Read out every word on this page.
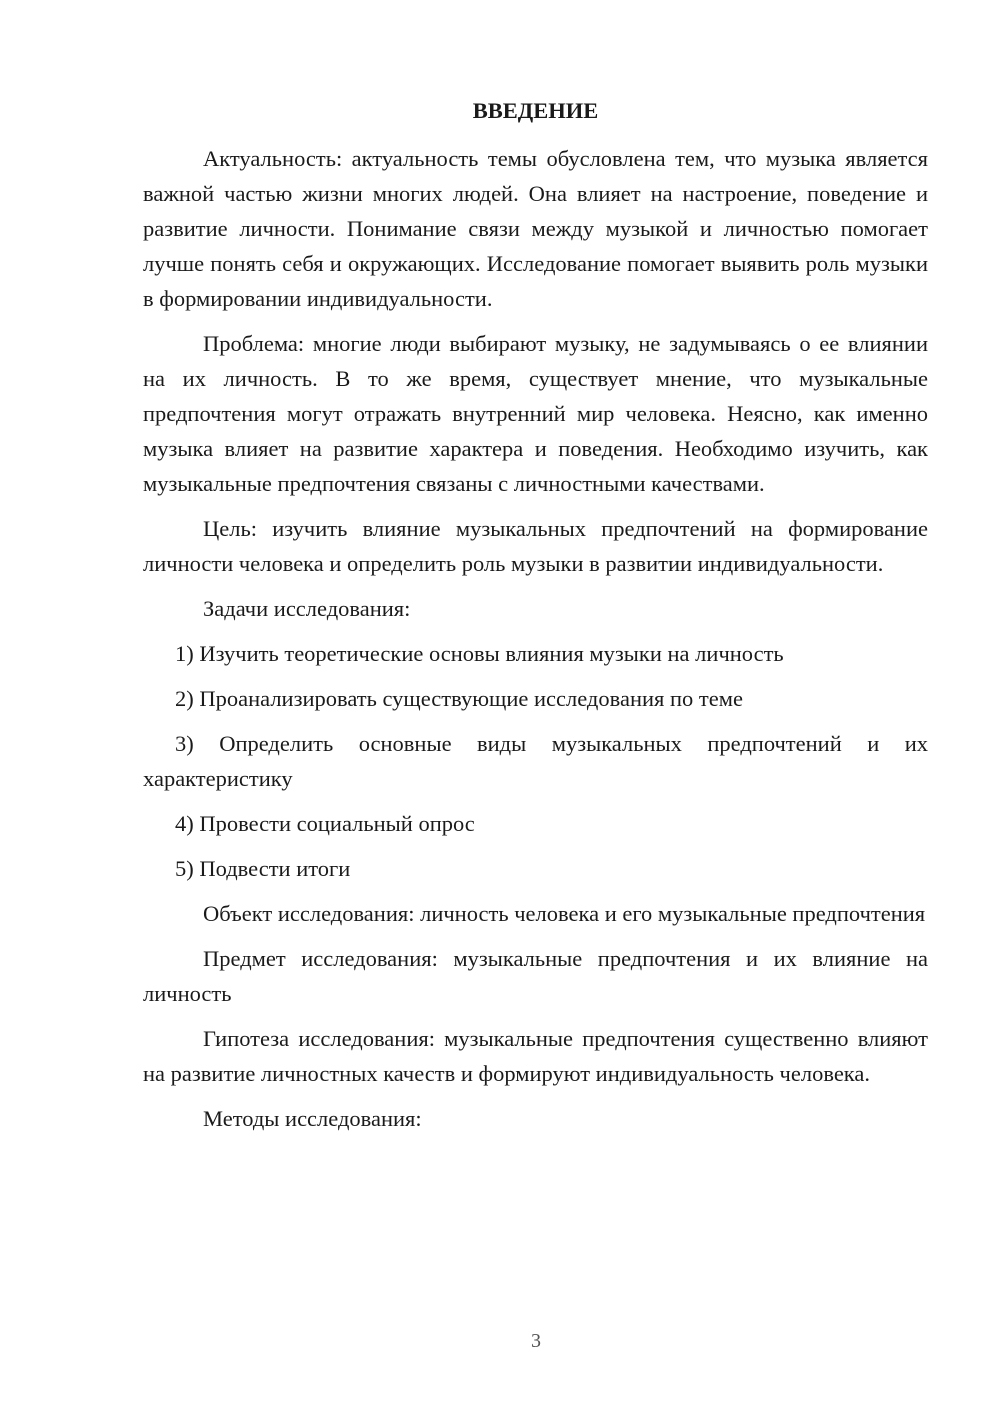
ВВЕДЕНИЕ

Актуальность: актуальность темы обусловлена тем, что музыка является важной частью жизни многих людей. Она влияет на настроение, поведение и развитие личности. Понимание связи между музыкой и личностью помогает лучше понять себя и окружающих. Исследование помогает выявить роль музыки в формировании индивидуальности.

Проблема: многие люди выбирают музыку, не задумываясь о ее влиянии на их личность. В то же время, существует мнение, что музыкальные предпочтения могут отражать внутренний мир человека. Неясно, как именно музыка влияет на развитие характера и поведения. Необходимо изучить, как музыкальные предпочтения связаны с личностными качествами.

Цель: изучить влияние музыкальных предпочтений на формирование личности человека и определить роль музыки в развитии индивидуальности.

Задачи исследования:

1) Изучить теоретические основы влияния музыки на личность

2) Проанализировать существующие исследования по теме

3) Определить основные виды музыкальных предпочтений и их характеристику

4) Провести социальный опрос

5) Подвести итоги

Объект исследования: личность человека и его музыкальные предпочтения

Предмет исследования: музыкальные предпочтения и их влияние на личность

Гипотеза исследования: музыкальные предпочтения существенно влияют на развитие личностных качеств и формируют индивидуальность человека.

Методы исследования:

3
